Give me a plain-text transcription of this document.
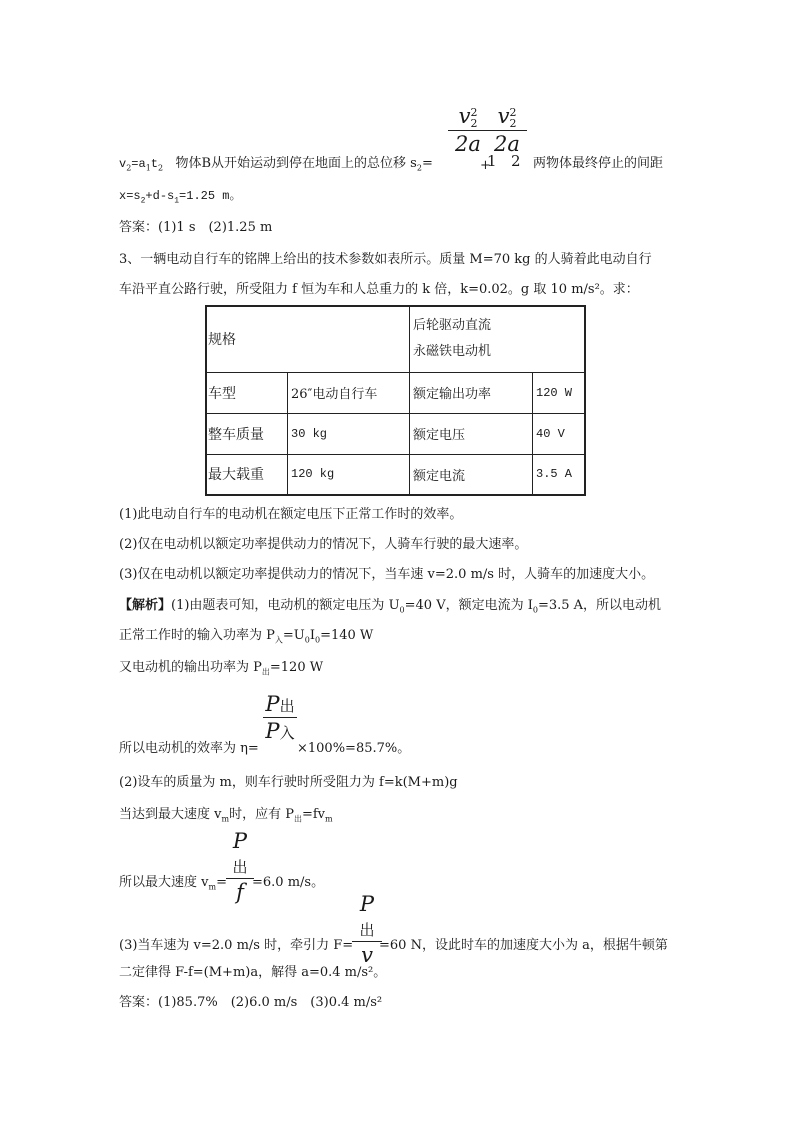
v 2
2
2a
1
+
v 2
2
2a
2
$v_2=a_1t_2$ 物体B从开始运动到停在地面上的总位移 $s_2=$	两物体最终停止的间距
$x=s_2+d-s_1=1.25$ m。
答案：(1)1 s　(2)1.25 m
3、一辆电动自行车的铭牌上给出的技术参数如表所示。质量 M=70 kg 的人骑着此电动自行
车沿平直公路行驶，所受阻力 f 恒为车和人总重力的 k 倍，k=0.02。g 取 10 m/s²。求：
规格		后轮驱动直流
永磁铁电动机	
车型	26″电动自行车	额定输出功率	120 W
整车质量	30 kg	额定电压	40 V
最大载重	120 kg	额定电流	3.5 A
(1)此电动自行车的电动机在额定电压下正常工作时的效率。
(2)仅在电动机以额定功率提供动力的情况下，人骑车行驶的最大速率。
(3)仅在电动机以额定功率提供动力的情况下，当车速 v=2.0 m/s 时，人骑车的加速度大小。
【解析】(1)由题表可知，电动机的额定电压为 $U_0=40$ V，额定电流为 $I_0=3.5$ A，所以电动机
正常工作时的输入功率为 $P_入=U_0I_0=140$ W
又电动机的输出功率为 $P_出=120$ W
P出
P入
所以电动机的效率为 η=	×100%=85.7%。
(2)设车的质量为 m，则车行驶时所受阻力为 f=k(M+m)g
当达到最大速度 $v_m$时，应有 $P_出=fv_m$
P出
f
所以最大速度 $v_m= =6.0$ m/s。
P出
v
(3)当车速为 v=2.0 m/s 时，牵引力 F= =60 N，设此时车的加速度大小为 a，根据牛顿第
二定律得 F-f=(M+m)a，解得 a=0.4 m/s²。
答案：(1)85.7%　(2)6.0 m/s　(3)0.4 m/s²
